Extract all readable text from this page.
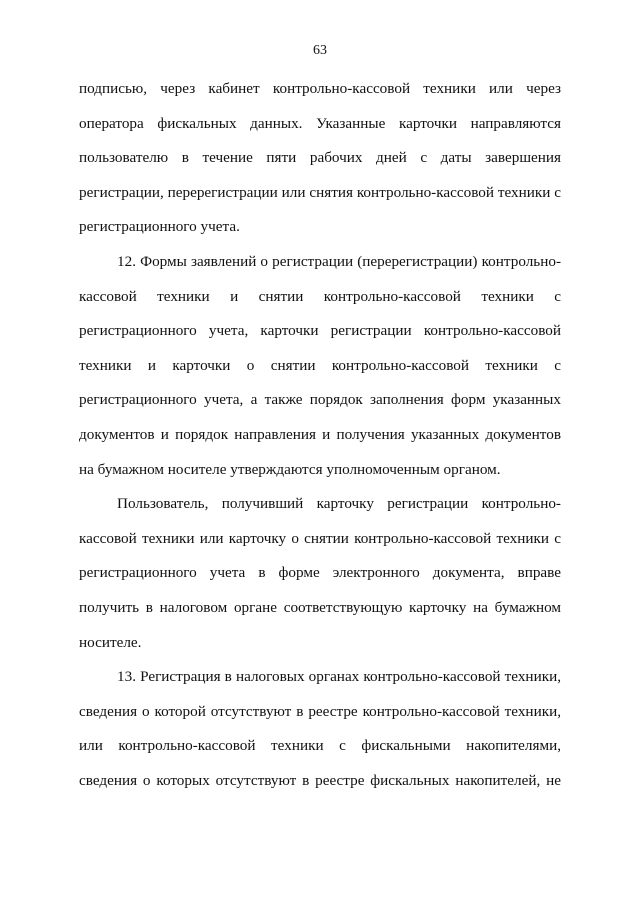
63
подписью, через кабинет контрольно-кассовой техники или через
оператора фискальных данных. Указанные карточки направляются
пользователю в течение пяти рабочих дней с даты завершения
регистрации, перерегистрации или снятия контрольно-кассовой техники с
регистрационного учета.
12. Формы заявлений о регистрации (перерегистрации) контрольно-
кассовой техники и снятии контрольно-кассовой техники с
регистрационного учета, карточки регистрации контрольно-кассовой
техники и карточки о снятии контрольно-кассовой техники с
регистрационного учета, а также порядок заполнения форм указанных
документов и порядок направления и получения указанных документов
на бумажном носителе утверждаются уполномоченным органом.
Пользователь, получивший карточку регистрации контрольно-
кассовой техники или карточку о снятии контрольно-кассовой техники с
регистрационного учета в форме электронного документа, вправе
получить в налоговом органе соответствующую карточку на бумажном
носителе.
13. Регистрация в налоговых органах контрольно-кассовой техники,
сведения о которой отсутствуют в реестре контрольно-кассовой техники,
или контрольно-кассовой техники с фискальными накопителями,
сведения о которых отсутствуют в реестре фискальных накопителей, не
